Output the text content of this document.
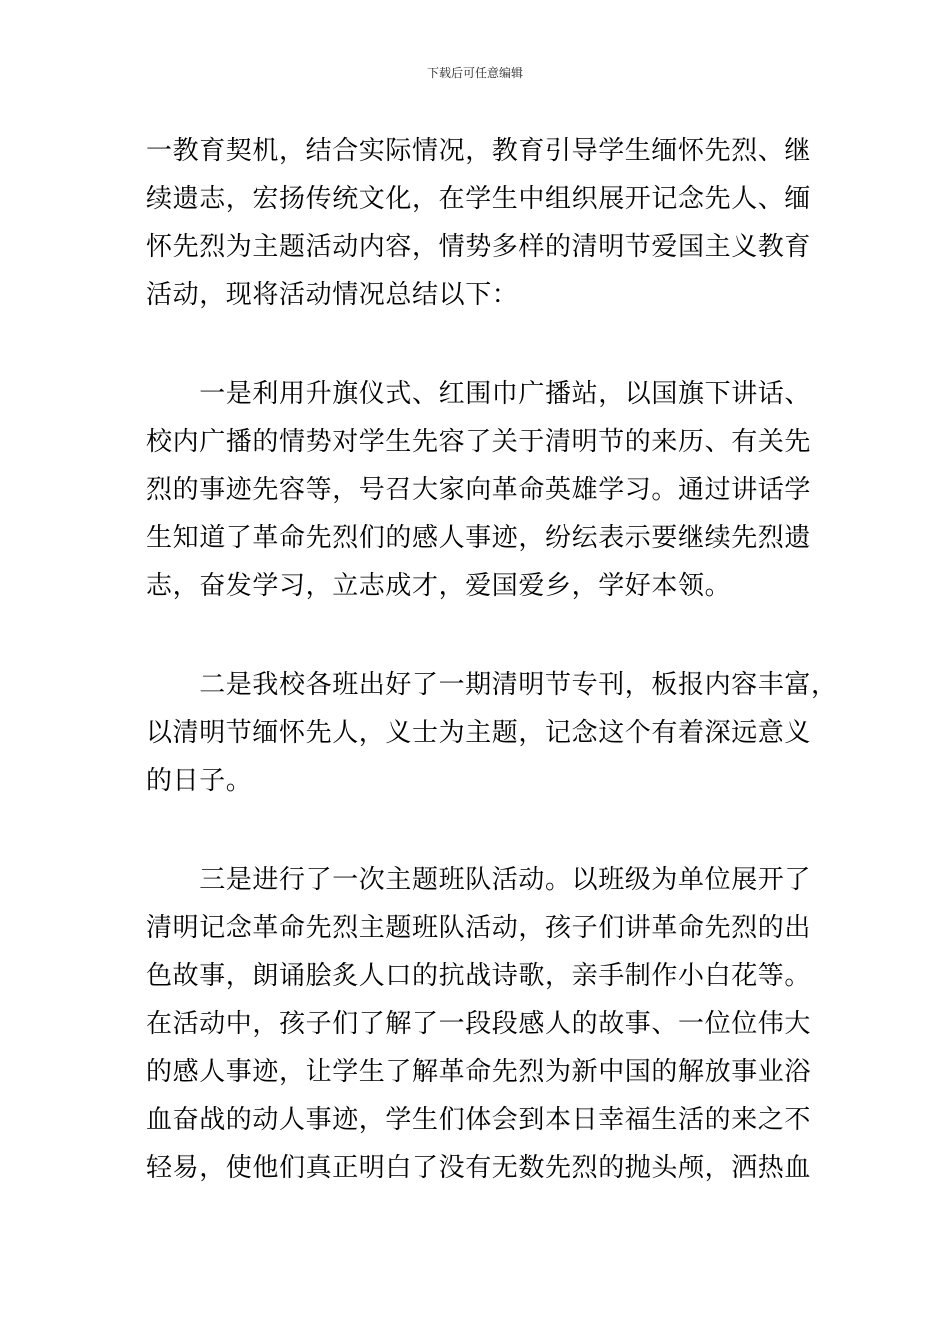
下载后可任意编辑
一教育契机，结合实际情况，教育引导学生缅怀先烈、继
续遗志，宏扬传统文化，在学生中组织展开记念先人、缅
怀先烈为主题活动内容，情势多样的清明节爱国主义教育
活动，现将活动情况总结以下：
　　一是利用升旗仪式、红围巾广播站，以国旗下讲话、
校内广播的情势对学生先容了关于清明节的来历、有关先
烈的事迹先容等，号召大家向革命英雄学习。通过讲话学
生知道了革命先烈们的感人事迹，纷纭表示要继续先烈遗
志，奋发学习，立志成才，爱国爱乡，学好本领。
　　二是我校各班出好了一期清明节专刊，板报内容丰富，
以清明节缅怀先人，义士为主题，记念这个有着深远意义
的日子。
　　三是进行了一次主题班队活动。以班级为单位展开了
清明记念革命先烈主题班队活动，孩子们讲革命先烈的出
色故事，朗诵脍炙人口的抗战诗歌，亲手制作小白花等。
在活动中，孩子们了解了一段段感人的故事、一位位伟大
的感人事迹，让学生了解革命先烈为新中国的解放事业浴
血奋战的动人事迹，学生们体会到本日幸福生活的来之不
轻易，使他们真正明白了没有无数先烈的抛头颅，洒热血
